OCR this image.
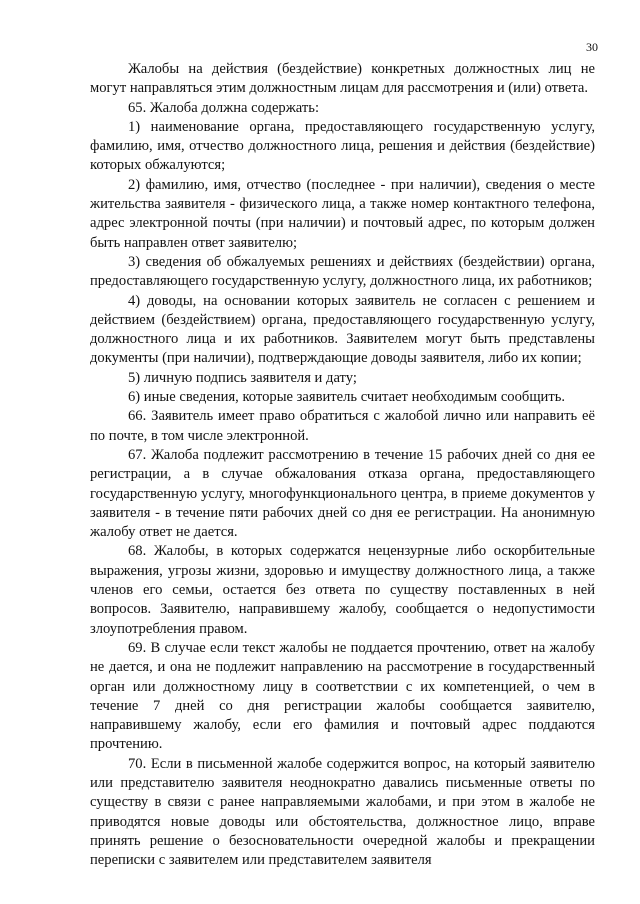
30

Жалобы на действия (бездействие) конкретных должностных лиц не могут направляться этим должностным лицам для рассмотрения и (или) ответа.

65. Жалоба должна содержать:

1) наименование органа, предоставляющего государственную услугу, фамилию, имя, отчество должностного лица, решения и действия (бездействие) которых обжалуются;

2) фамилию, имя, отчество (последнее - при наличии), сведения о месте жительства заявителя - физического лица, а также номер контактного телефона, адрес электронной почты (при наличии) и почтовый адрес, по которым должен быть направлен ответ заявителю;

3) сведения об обжалуемых решениях и действиях (бездействии) органа, предоставляющего государственную услугу, должностного лица, их работников;

4) доводы, на основании которых заявитель не согласен с решением и действием (бездействием) органа, предоставляющего государственную услугу, должностного лица и их работников. Заявителем могут быть представлены документы (при наличии), подтверждающие доводы заявителя, либо их копии;

5) личную подпись заявителя и дату;

6) иные сведения, которые заявитель считает необходимым сообщить.

66. Заявитель имеет право обратиться с жалобой лично или направить её по почте, в том числе электронной.

67. Жалоба подлежит рассмотрению в течение 15 рабочих дней со дня ее регистрации, а в случае обжалования отказа органа, предоставляющего государственную услугу, многофункционального центра, в приеме документов у заявителя - в течение пяти рабочих дней со дня ее регистрации. На анонимную жалобу ответ не дается.

68. Жалобы, в которых содержатся нецензурные либо оскорбительные выражения, угрозы жизни, здоровью и имуществу должностного лица, а также членов его семьи, остается без ответа по существу поставленных в ней вопросов. Заявителю, направившему жалобу, сообщается о недопустимости злоупотребления правом.

69. В случае если текст жалобы не поддается прочтению, ответ на жалобу не дается, и она не подлежит направлению на рассмотрение в государственный орган или должностному лицу в соответствии с их компетенцией, о чем в течение 7 дней со дня регистрации жалобы сообщается заявителю, направившему жалобу, если его фамилия и почтовый адрес поддаются прочтению.

70. Если в письменной жалобе содержится вопрос, на который заявителю или представителю заявителя неоднократно давались письменные ответы по существу в связи с ранее направляемыми жалобами, и при этом в жалобе не приводятся новые доводы или обстоятельства, должностное лицо, вправе принять решение о безосновательности очередной жалобы и прекращении переписки с заявителем или представителем заявителя
